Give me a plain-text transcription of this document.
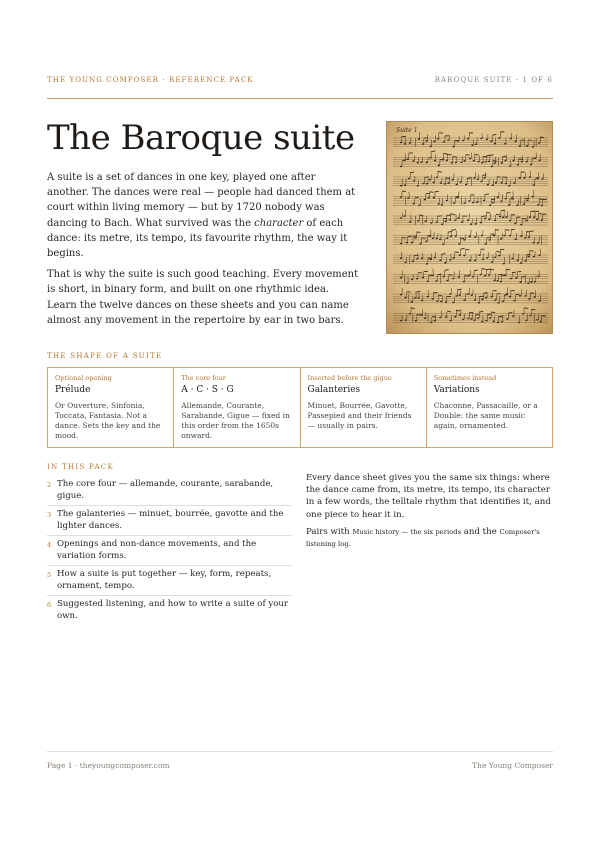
THE YOUNG COMPOSER · REFERENCE PACK	BAROQUE SUITE · 1 OF 6
The Baroque suite

A suite is a set of dances in one key, played one after another. The dances were real — people had danced them at court within living memory — but by 1720 nobody was dancing to Bach. What survived was the character of each dance: its metre, its tempo, its favourite rhythm, the way it begins.

That is why the suite is such good teaching. Every movement is short, in binary form, and built on one rhythmic idea. Learn the twelve dances on these sheets and you can name almost any movement in the repertoire by ear in two bars.

Suite 1
THE SHAPE OF A SUITE
Optional opening
Prélude
Or Ouverture, Sinfonia, Toccata, Fantasia. Not a dance. Sets the key and the mood.
The core four
A · C · S · G
Allemande, Courante, Sarabande, Gigue — fixed in this order from the 1650s onward.
Inserted before the gigue
Galanteries
Minuet, Bourrée, Gavotte, Passepied and their friends — usually in pairs.
Sometimes instead
Variations
Chaconne, Passacaille, or a Double: the same music again, ornamented.
IN THIS PACK
2 The core four — allemande, courante, sarabande, gigue.
3 The galanteries — minuet, bourrée, gavotte and the lighter dances.
4 Openings and non-dance movements, and the variation forms.
5 How a suite is put together — key, form, repeats, ornament, tempo.
6 Suggested listening, and how to write a suite of your own.

Every dance sheet gives you the same six things: where the dance came from, its metre, its tempo, its character in a few words, the telltale rhythm that identifies it, and one piece to hear it in.

Pairs with Music history — the six periods and the Composer's listening log.

Page 1 · theyoungcomposer.com	The Young Composer
